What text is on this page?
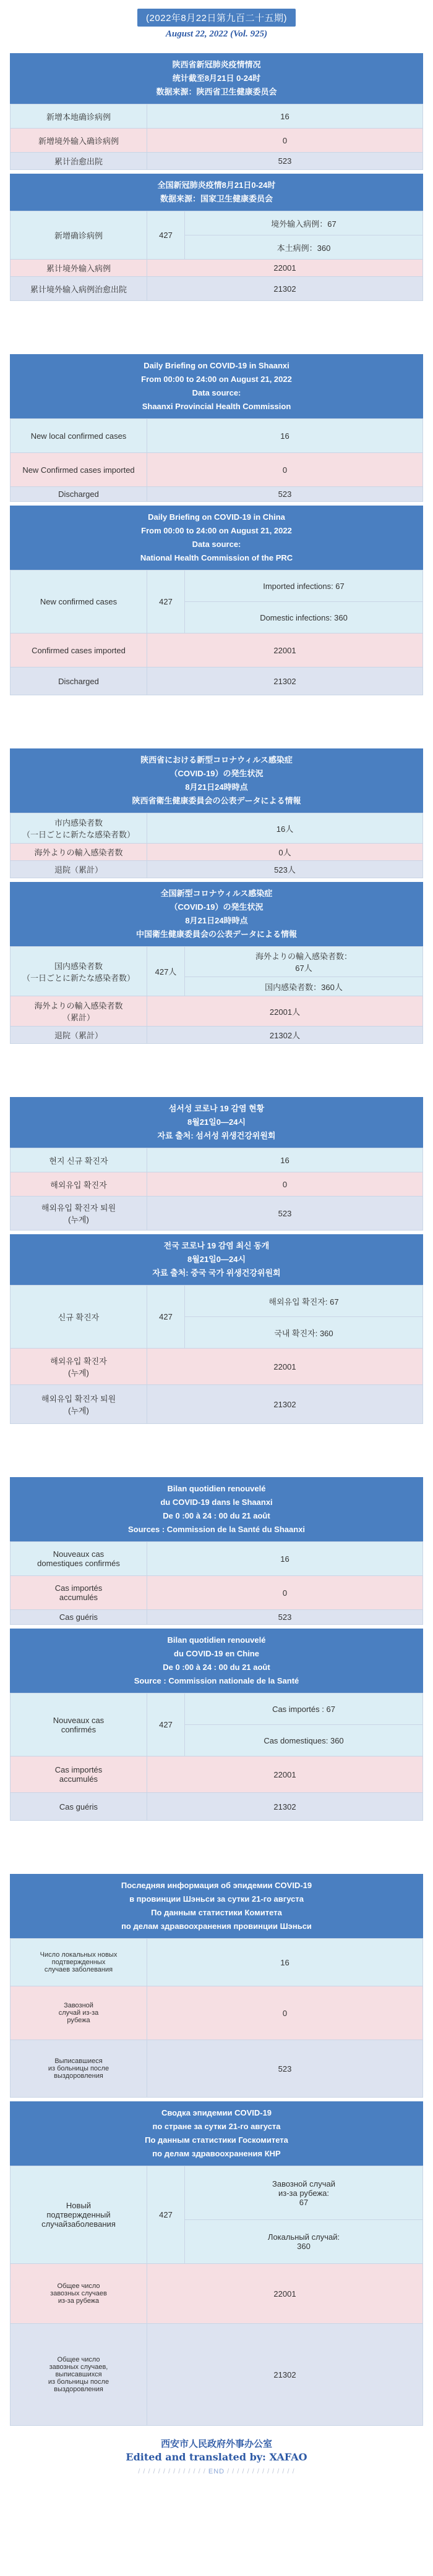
(2022年8月22日第九百二十五期)
August 22, 2022 (Vol. 925)
陕西省新冠肺炎疫情情况
统计截至8月21日 0-24时
数据来源：陕西省卫生健康委员会
新增本地确诊病例	16
新增境外输入确诊病例	0
累计治愈出院	523
全国新冠肺炎疫情8月21日0-24时
数据来源：国家卫生健康委员会
新增确诊病例	427	境外输入病例：67
		本土病例：360
累计境外输入病例	22001	
累计境外输入病例治愈出院	21302	
Daily Briefing on COVID-19 in Shaanxi
From 00:00 to 24:00 on August 21, 2022
Data source:
Shaanxi Provincial Health Commission
New local confirmed cases	16
New Confirmed cases imported	0
Discharged	523
Daily Briefing on COVID-19 in China
From 00:00 to 24:00 on August 21, 2022
Data source:
National Health Commission of the PRC
New confirmed cases	427	Imported infections: 67
		Domestic infections: 360
Confirmed cases imported	22001	
Discharged	21302	
陝西省における新型コロナウィルス感染症
（COVID-19）の発生状況
8月21日24時時点
陝西省衛生健康委員会の公表データによる情報
市内感染者数
（一日ごとに新たな感染者数）	16人
海外よりの輸入感染者数	0人
退院（累計）	523人
全国新型コロナウィルス感染症
（COVID-19）の発生状況
8月21日24時時点
中国衛生健康委員会の公表データによる情報
国内感染者数
（一日ごとに新たな感染者数）	427人	海外よりの輸入感染者数：
67人
		国内感染者数：360人
海外よりの輸入感染者数
（累計）	22001人	
退院（累計）	21302人	
섬서성 코로나 19 감염 현황
8월21일0—24시
자료 출처: 섬서성 위생건강위원회
현지 신규 확진자	16
해외유입 확진자	0
해외유입 확진자 퇴원
(누계)	523
전국 코로나 19 감염 최신 동개
8월21일0—24시
자료 출처: 중국 국가 위생건강위원회
신규 확진자	427	해외유입 확진자: 67
		국내 확진자: 360
해외유입 확진자
(누계)	22001	
해외유입 확진자 퇴원
(누계)	21302	
Bilan quotidien renouvelé
du COVID-19 dans le Shaanxi
De 0 :00 à 24 : 00 du 21 août
Sources : Commission de la Santé du Shaanxi
Nouveaux cas
domestiques confirmés	16
Cas importés
accumulés	0
Cas guéris	523
Bilan quotidien renouvelé
du COVID-19 en Chine
De 0 :00 à 24 : 00 du 21 août
Source : Commission nationale de la Santé
Nouveaux cas
confirmés	427	Cas importés : 67
		Cas domestiques: 360
Cas importés
accumulés	22001	
Cas guéris	21302	
Последняя информация об эпидемии COVID-19
в провинции Шэньси за сутки 21-го августа
По данным статистики Комитета
по делам здравоохранения провинции Шэньси
Число локальных новых
подтвержденных
случаев заболевания	16
Завозной
случай из-за
рубежа	0
Выписавшиеся
из больницы после
выздоровления	523
Сводка эпидемии COVID-19
по стране за сутки 21-го августа
По данным статистики Госкомитета
по делам здравоохранения КНР
Новый
подтвержденный
случайзаболевания	427	Завозной случай
из-за рубежа:
67
		Локальный случай:
360
Общее число
завозных случаев
из-за рубежа	22001	
Общее число
завозных случаев,
выписавшихся
из больницы после
выздоровления	21302	
西安市人民政府外事办公室
Edited and translated by: XAFAO
/ / / / / / / / / / / / / / END / / / / / / / / / / / / / /
